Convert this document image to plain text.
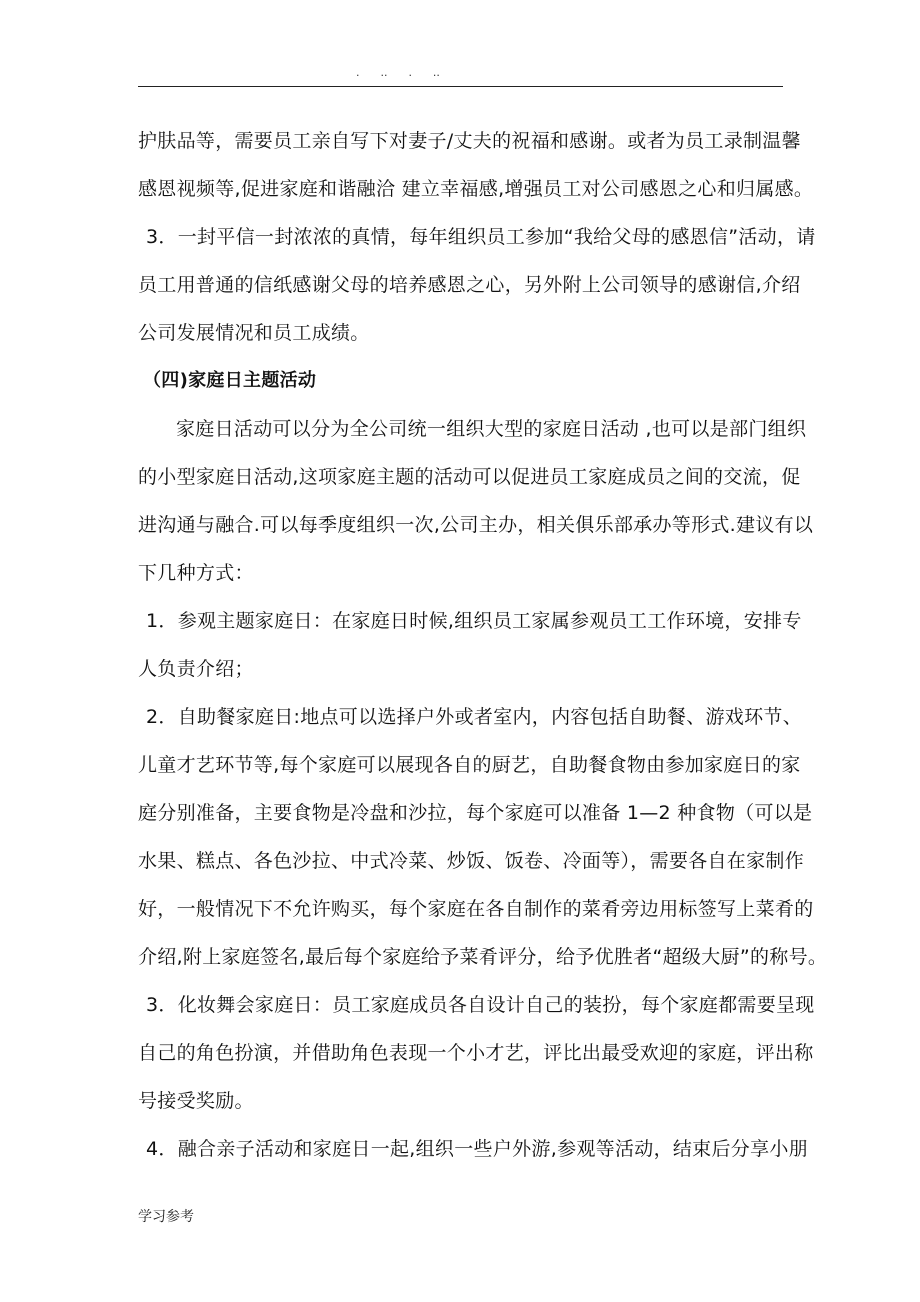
.      ..      .      ..
护肤品等，需要员工亲自写下对妻子/丈夫的祝福和感谢。或者为员工录制温馨
感恩视频等,促进家庭和谐融洽 建立幸福感,增强员工对公司感恩之心和归属感。
3．一封平信一封浓浓的真情，每年组织员工参加“我给父母的感恩信”活动，请
员工用普通的信纸感谢父母的培养感恩之心，另外附上公司领导的感谢信,介绍
公司发展情况和员工成绩。
（四)家庭日主题活动
家庭日活动可以分为全公司统一组织大型的家庭日活动 ,也可以是部门组织
的小型家庭日活动,这项家庭主题的活动可以促进员工家庭成员之间的交流，促
进沟通与融合.可以每季度组织一次,公司主办，相关俱乐部承办等形式.建议有以
下几种方式：
1．参观主题家庭日：在家庭日时候,组织员工家属参观员工工作环境，安排专
人负责介绍；
2．自助餐家庭日:地点可以选择户外或者室内，内容包括自助餐、游戏环节、
儿童才艺环节等,每个家庭可以展现各自的厨艺，自助餐食物由参加家庭日的家
庭分别准备，主要食物是冷盘和沙拉，每个家庭可以准备 1—2 种食物（可以是
水果、糕点、各色沙拉、中式冷菜、炒饭、饭卷、冷面等），需要各自在家制作
好，一般情况下不允许购买，每个家庭在各自制作的菜肴旁边用标签写上菜肴的
介绍,附上家庭签名,最后每个家庭给予菜肴评分，给予优胜者“超级大厨”的称号。
3．化妆舞会家庭日：员工家庭成员各自设计自己的装扮，每个家庭都需要呈现
自己的角色扮演，并借助角色表现一个小才艺，评比出最受欢迎的家庭，评出称
号接受奖励。
4．融合亲子活动和家庭日一起,组织一些户外游,参观等活动，结束后分享小朋
学习参考
